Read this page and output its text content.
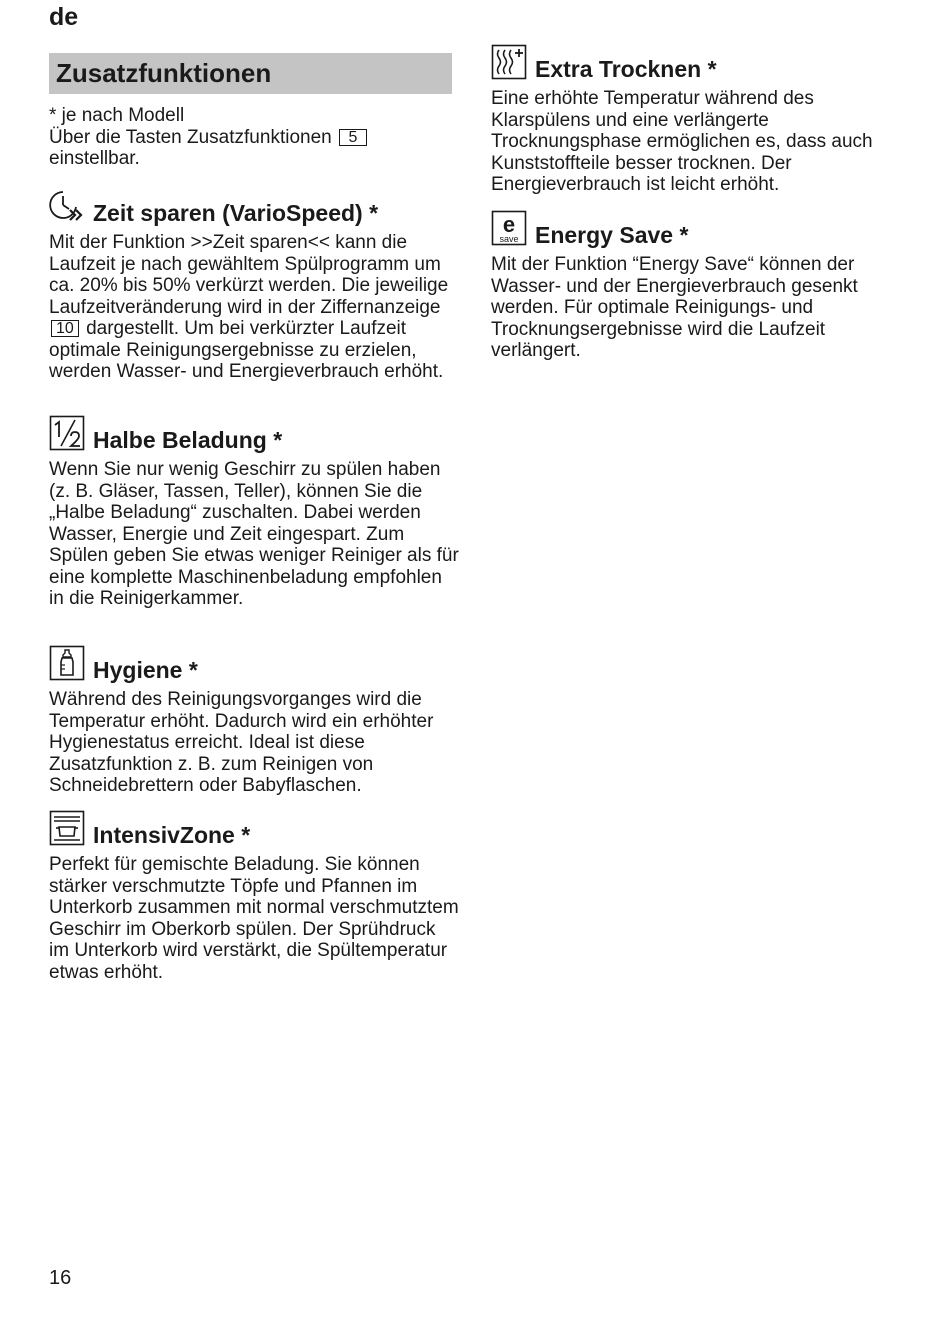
de
Zusatzfunktionen

* je nach Modell

Über die Tasten Zusatzfunktionen 5
einstellbar.

Zeit sparen (VarioSpeed) *

Mit der Funktion >>Zeit sparen<< kann die Laufzeit je nach gewähltem Spülprogramm um ca. 20% bis 50% verkürzt werden. Die jeweilige Laufzeitveränderung wird in der Ziffernanzeige 10 dargestellt. Um bei verkürzter Laufzeit optimale Reinigungsergebnisse zu erzielen, werden Wasser- und Energieverbrauch erhöht.

Halbe Beladung *

Wenn Sie nur wenig Geschirr zu spülen haben (z. B. Gläser, Tassen, Teller), können Sie die „Halbe Beladung“ zuschalten. Dabei werden Wasser, Energie und Zeit eingespart. Zum Spülen geben Sie etwas weniger Reiniger als für eine komplette Maschinenbeladung empfohlen in die Reinigerkammer.

Hygiene *

Während des Reinigungsvorganges wird die Temperatur erhöht. Dadurch wird ein erhöhter Hygienestatus erreicht. Ideal ist diese Zusatzfunktion z. B. zum Reinigen von Schneidebrettern oder Babyflaschen.

IntensivZone *

Perfekt für gemischte Beladung. Sie können stärker verschmutzte Töpfe und Pfannen im Unterkorb zusammen mit normal verschmutztem Geschirr im Oberkorb spülen. Der Sprühdruck im Unterkorb wird verstärkt, die Spültemperatur etwas erhöht.

Extra Trocknen *

Eine erhöhte Temperatur während des Klarspülens und eine verlängerte Trocknungsphase ermöglichen es, dass auch Kunststoffteile besser trocknen. Der Energieverbrauch ist leicht erhöht.

e
save Energy Save *

Mit der Funktion “Energy Save“ können der Wasser- und der Energieverbrauch gesenkt werden. Für optimale Reinigungs- und Trocknungsergebnisse wird die Laufzeit verlängert.

16
